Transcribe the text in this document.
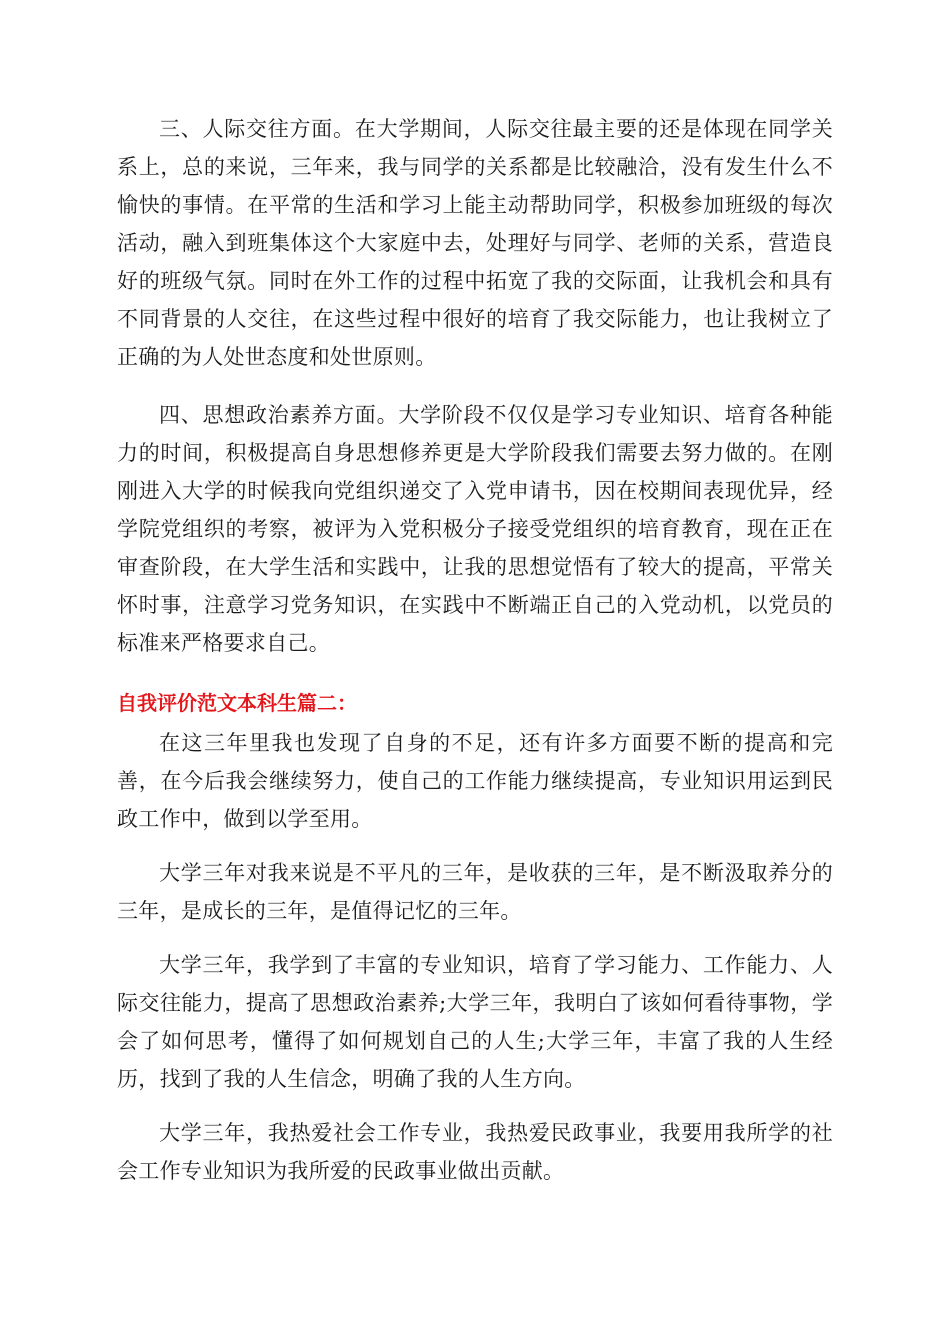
三、人际交往方面。在大学期间，人际交往最主要的还是体现在同学关系上，总的来说，三年来，我与同学的关系都是比较融洽，没有发生什么不愉快的事情。在平常的生活和学习上能主动帮助同学，积极参加班级的每次活动，融入到班集体这个大家庭中去，处理好与同学、老师的关系，营造良好的班级气氛。同时在外工作的过程中拓宽了我的交际面，让我机会和具有不同背景的人交往，在这些过程中很好的培育了我交际能力，也让我树立了正确的为人处世态度和处世原则。

四、思想政治素养方面。大学阶段不仅仅是学习专业知识、培育各种能力的时间，积极提高自身思想修养更是大学阶段我们需要去努力做的。在刚刚进入大学的时候我向党组织递交了入党申请书，因在校期间表现优异，经学院党组织的考察，被评为入党积极分子接受党组织的培育教育，现在正在审查阶段，在大学生活和实践中，让我的思想觉悟有了较大的提高，平常关怀时事，注意学习党务知识，在实践中不断端正自己的入党动机，以党员的标准来严格要求自己。

自我评价范文本科生篇二：

在这三年里我也发现了自身的不足，还有许多方面要不断的提高和完善，在今后我会继续努力，使自己的工作能力继续提高，专业知识用运到民政工作中，做到以学至用。

大学三年对我来说是不平凡的三年，是收获的三年，是不断汲取养分的三年，是成长的三年，是值得记忆的三年。

大学三年，我学到了丰富的专业知识，培育了学习能力、工作能力、人际交往能力，提高了思想政治素养;大学三年，我明白了该如何看待事物，学会了如何思考，懂得了如何规划自己的人生;大学三年，丰富了我的人生经历，找到了我的人生信念，明确了我的人生方向。

大学三年，我热爱社会工作专业，我热爱民政事业，我要用我所学的社会工作专业知识为我所爱的民政事业做出贡献。
